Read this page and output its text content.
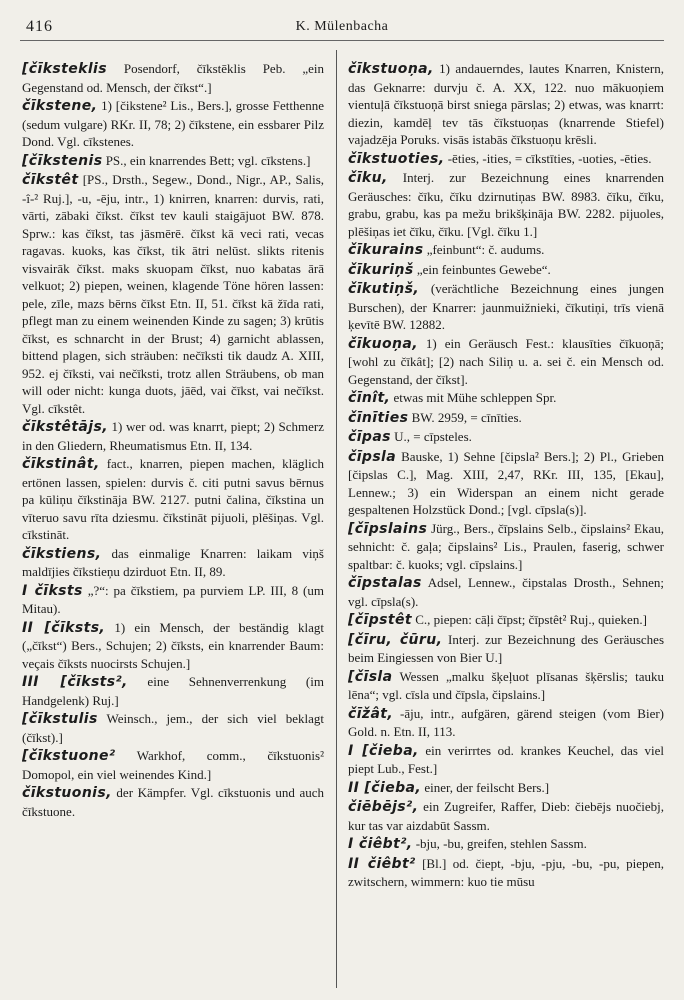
416	K. Mülenbacha

[čīksteklis Posendorf, čīkstēklis Peb. „ein Gegenstand od. Mensch, der čīkst“.]

čīkstene, 1) [čikstene² Lis., Bers.], grosse Fetthenne (sedum vulgare) RKr. II, 78; 2) čīkstene, ein essbarer Pilz Dond. Vgl. cīkstenes.

[čīkstenis PS., ein knarrendes Bett; vgl. cīkstens.]

čīkstêt [PS., Drsth., Segew., Dond., Nigr., AP., Salis, -î-² Ruj.], -u, -ēju, intr., 1) knirren, knarren: durvis, rati, vārti, zābaki čīkst. čīkst tev kauli staigājuot BW. 878. Sprw.: kas čīkst, tas jāsmērē. čīkst kā veci rati, vecas ragavas. kuoks, kas čīkst, tik ātri nelūst. slikts ritenis visvairāk čīkst. maks skuopam čīkst, nuo kabatas ārā velkuot; 2) piepen, weinen, klagende Töne hören lassen: pele, zīle, mazs bērns čīkst Etn. II, 51. čīkst kā žīda rati, pflegt man zu einem weinenden Kinde zu sagen; 3) krūtis čīkst, es schnarcht in der Brust; 4) garnicht ablassen, bittend plagen, sich sträuben: nečīksti tik daudz A. XIII, 952. ej čīksti, vai nečīksti, trotz allen Sträubens, ob man will oder nicht: kunga duots, jāēd, vai čīkst, vai nečīkst. Vgl. cīkstêt.

čīkstêtājs, 1) wer od. was knarrt, piept; 2) Schmerz in den Gliedern, Rheumatismus Etn. II, 134.

čīkstinât, fact., knarren, piepen machen, kläglich ertönen lassen, spielen: durvis č. citi putni savus bērnus pa kūliņu čīkstināja BW. 2127. putni čalina, čīkstina un vīteruo savu rīta dziesmu. čīkstināt pijuoli, plēšiņas. Vgl. cīkstināt.

čīkstiens, das einmalige Knarren: laikam viņš maldījies čīkstieņu dzirduot Etn. II, 89.

I čīksts „?“: pa čīkstiem, pa purviem LP. III, 8 (um Mitau).

II [čīksts, 1) ein Mensch, der beständig klagt („čīkst“) Bers., Schujen; 2) čīksts, ein knarrender Baum: veçais čīksts nuocirsts Schujen.]

III [čīksts², eine Sehnenverrenkung (im Handgelenk) Ruj.]

[čīkstulis Weinsch., jem., der sich viel beklagt (čīkst).]

[čīkstuone² Warkhof, comm., čīkstuonis² Domopol, ein viel weinendes Kind.]

čīkstuonis, der Kämpfer. Vgl. cīkstuonis und auch čīkstuone.

čīkstuoņa, 1) andauerndes, lautes Knarren, Knistern, das Geknarre: durvju č. A. XX, 122. nuo mākuoņiem vientuļā čīkstuoņā birst sniega pārslas; 2) etwas, was knarrt: diezin, kamdēļ tev tās čīkstuoņas (knarrende Stiefel) vajadzēja Poruks. visās istabās čīkstuoņu krēsli.

čīkstuoties, -ēties, -ities, = cīkstīties, -uoties, -ēties.

čīku, Interj. zur Bezeichnung eines knarrenden Geräusches: čīku, čīku dzirnutiņas BW. 8983. čīku, čīku, grabu, grabu, kas pa mežu brikšķināja BW. 2282. pijuoles, plēšiņas iet čīku, čīku. [Vgl. čīku 1.]

čīkurains „feinbunt“: č. audums.

čīkuriņš „ein feinbuntes Gewebe“.

čīkutiņš, (verächtliche Bezeichnung eines jungen Burschen), der Knarrer: jaunmuižnieki, čīkutiņi, trīs vienā ķevītē BW. 12882.

čīkuoņa, 1) ein Geräusch Fest.: klausīties čīkuoņā; [wohl zu čīkât]; [2) nach Siliņ u. a. sei č. ein Mensch od. Gegenstand, der čīkst].

čīnît, etwas mit Mühe schleppen Spr.

čīnīties BW. 2959, = cīnīties.

čīpas U., = cīpsteles.

čīpsla Bauske, 1) Sehne [čipsla² Bers.]; 2) Pl., Grieben [čipslas C.], Mag. XIII, 2,47, RKr. III, 135, [Ekau], Lennew.; 3) ein Widerspan an einem nicht gerade gespaltenen Holzstück Dond.; [vgl. cīpsla(s)].

[čīpslains Jürg., Bers., čīpslains Selb., čipslains² Ekau, sehnicht: č. gaļa; čipslains² Lis., Praulen, faserig, schwer spaltbar: č. kuoks; vgl. cīpslains.]

čīpstalas Adsel, Lennew., čipstalas Drosth., Sehnen; vgl. cīpsla(s).

[čīpstêt C., piepen: cāļi čīpst; čīpstêt² Ruj., quieken.]

[čīru, čūru, Interj. zur Bezeichnung des Geräusches beim Eingiessen von Bier U.]

[čīsla Wessen „malku šķeļuot plīsanas šķērslis; tauku lēna“; vgl. cīsla und čīpsla, čipslains.]

čīžât, -āju, intr., aufgären, gärend steigen (vom Bier) Gold. n. Etn. II, 113.

I [čieba, ein verirrtes od. krankes Keuchel, das viel piept Lub., Fest.]

II [čieba, einer, der feilscht Bers.]

čiēbējs², ein Zugreifer, Raffer, Dieb: čiebējs nuočiebj, kur tas var aizdabūt Sassm.

I čiêbt², -bju, -bu, greifen, stehlen Sassm.

II čiêbt² [Bl.] od. čiept, -bju, -pju, -bu, -pu, piepen, zwitschern, wimmern: kuo tie mūsu
